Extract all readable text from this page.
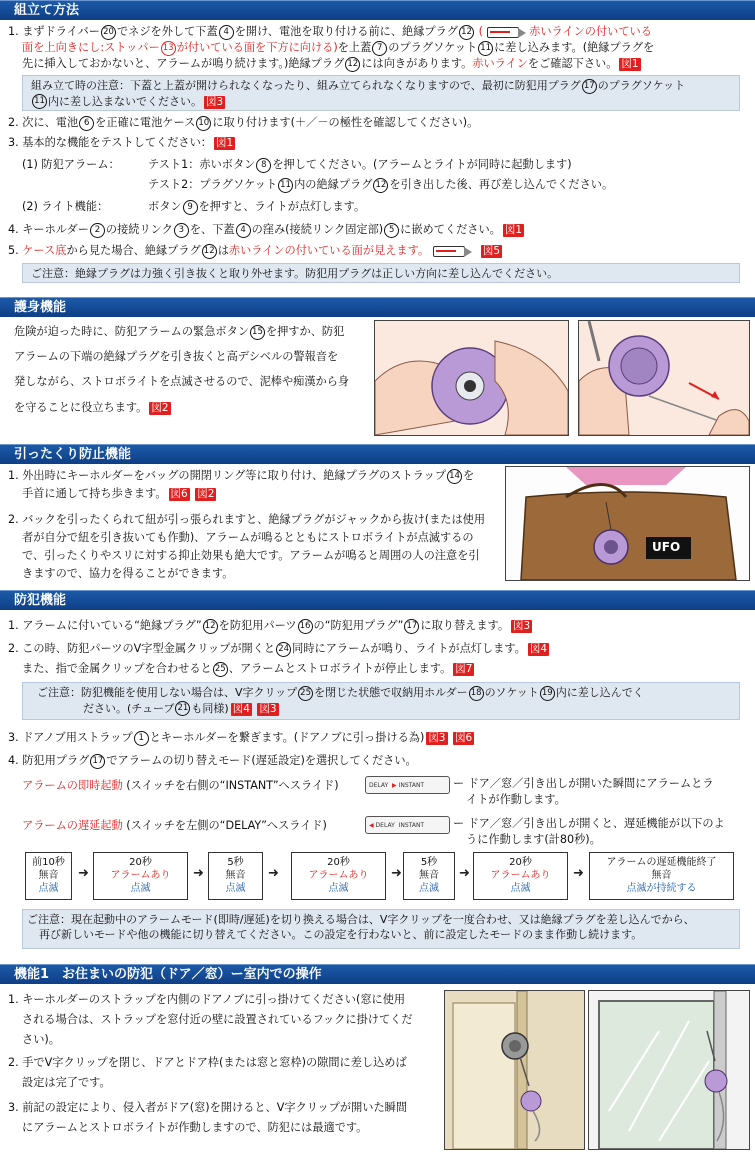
組立て方法
1. まずドライバー 20 でネジを外して下蓋 4 を開け、電池を取り付ける前に、絶縁プラグ 12 (	赤いラインの付いている
面を上向きにし:ストッパー 13 が付いている面を下方に向ける)を上蓋 7 のプラグソケット 11 に差し込みます。(絶縁プラグを
先に挿入しておかないと、アラームが鳴り続けます。)絶縁プラグ 12 には向きがあります。赤いラインをご確認下さい。 図1
組み立て時の注意：下蓋と上蓋が開けられなくなったり、組み立てられなくなりますので、最初に防犯用プラグ 17 のプラグソケット
11 内に差し込まないでください。 図3
2. 次に、電池 6 を正確に電池ケース 10 に取り付けます(＋／－の極性を確認してください)。
3. 基本的な機能をテストしてください： 図1
(1) 防犯アラーム：	テスト1：赤いボタン 8 を押してください。(アラームとライトが同時に起動します)
テスト2：プラグソケット 11 内の絶縁プラグ 12 を引き出した後、再び差し込んでください。
(2) ライト機能：	ボタン 9 を押すと、ライトが点灯します。
4. キーホルダー 2 の接続リンク 3 を、下蓋 4 の窪み(接続リンク固定部) 5 に嵌めてください。 図1
5. ケース底から見た場合、絶縁プラグ 12 は赤いラインの付いている面が見えます。	図5
ご注意：絶縁プラグは力強く引き抜くと取り外せます。防犯用プラグは正しい方向に差し込んでください。
護身機能
危険が迫った時に、防犯アラームの緊急ボタン 15 を押すか、防犯
アラームの下端の絶縁プラグを引き抜くと高デシベルの警報音を
発しながら、ストロボライトを点滅させるので、泥棒や痴漢から身
を守ることに役立ちます。 図2
引ったくり防止機能
1. 外出時にキーホルダーをバッグの開閉リング等に取り付け、絶縁プラグのストラップ 14 を
手首に通して持ち歩きます。 図6 図2
2. バックを引ったくられて紐が引っ張られますと、絶縁プラグがジャックから抜け(または使用
者が自分で紐を引き抜いても作動)、アラームが鳴るとともにストロボライトが点滅するの
で、引ったくりやスリに対する抑止効果も絶大です。アラームが鳴ると周囲の人の注意を引
きますので、協力を得ることができます。
UFO
防犯機能
1. アラームに付いている“絶縁プラグ” 12 を防犯用パーツ 16 の“防犯用プラグ” 17 に取り替えます。 図3
2. この時、防犯パーツのV字型金属クリップが開くと 24 同時にアラームが鳴り、ライトが点灯します。 図4
また、指で金属クリップを合わせると 25 、アラームとストロボライトが停止します。 図7
ご注意：防犯機能を使用しない場合は、V字クリップ 25 を閉じた状態で収納用ホルダー 18 のソケット 19 内に差し込んでく
ださい。(チューブ 21 も同様) 図4 図3
3. ドアノブ用ストラップ 1 とキーホルダーを繋ぎます。(ドアノブに引っ掛ける為) 図3 図6
4. 防犯用プラグ 17 でアラームの切り替えモード(遅延設定)を選択してください。
アラームの即時起動 (スイッチを右側の“INSTANT”へスライド)	DELAY ▶ INSTANT	ー ドア／窓／引き出しが開いた瞬間にアラームとラ
イトが作動します。
アラームの遅延起動 (スイッチを左側の“DELAY”へスライド)	◀ DELAY INSTANT	ー ドア／窓／引き出しが開くと、遅延機能が以下のよ
うに作動します(計80秒)。
前10秒
無音
点滅
➜
20秒
アラームあり
点滅
➜
5秒
無音
点滅
➜
20秒
アラームあり
点滅
➜
5秒
無音
点滅
➜
20秒
アラームあり
点滅
➜
アラームの遅延機能終了
無音
点滅が持続する
ご注意：現在起動中のアラームモード(即時/遅延)を切り換える場合は、V字クリップを一度合わせ、又は絶縁プラグを差し込んでから、
再び新しいモードや他の機能に切り替えてください。この設定を行わないと、前に設定したモードのまま作動し続けます。
機能1　お住まいの防犯（ドア／窓）ー室内での操作
1. キーホルダーのストラップを内側のドアノブに引っ掛けてください(窓に使用
される場合は、ストラップを窓付近の壁に設置されているフックに掛けてくだ
さい)。
2. 手でV字クリップを閉じ、ドアとドア枠(または窓と窓枠)の隙間に差し込めば
設定は完了です。
3. 前記の設定により、侵入者がドア(窓)を開けると、V字クリップが開いた瞬間
にアラームとストロボライトが作動しますので、防犯には最適です。
